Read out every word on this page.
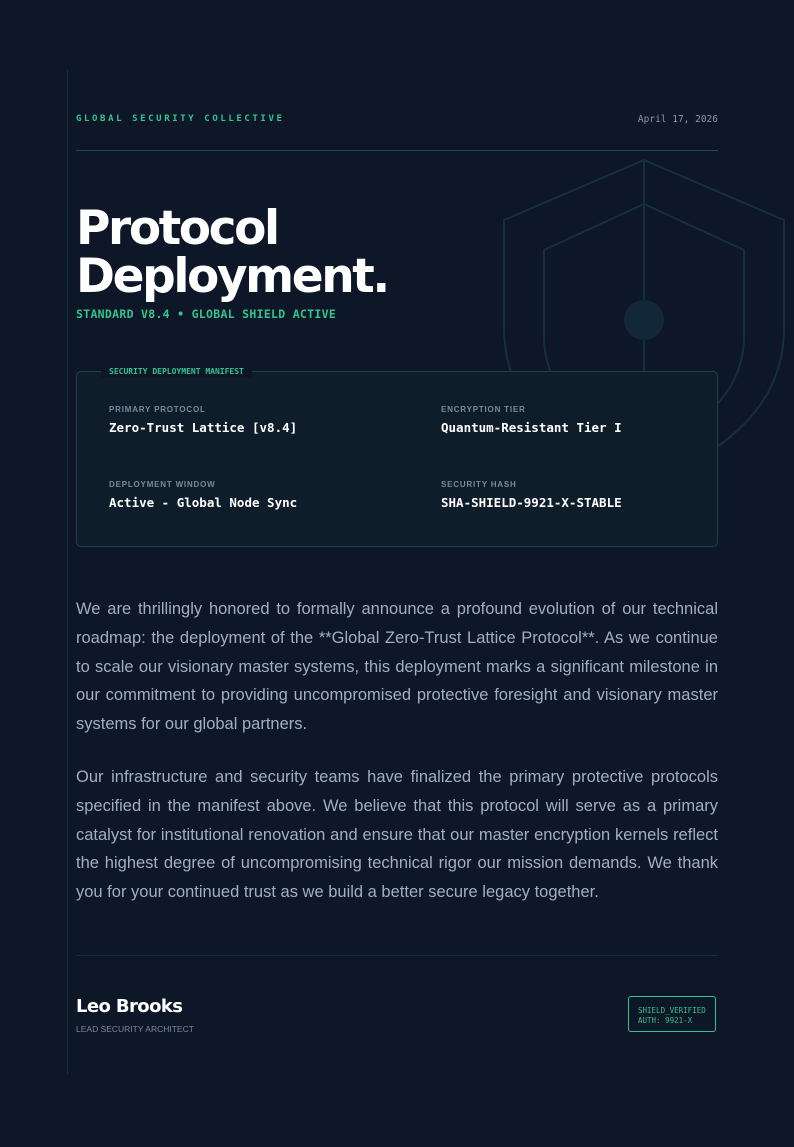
GLOBAL SECURITY COLLECTIVE	April 17, 2026
Protocol
Deployment.
STANDARD V8.4 • GLOBAL SHIELD ACTIVE
SECURITY DEPLOYMENT MANIFEST
PRIMARY PROTOCOL
Zero-Trust Lattice [v8.4]
ENCRYPTION TIER
Quantum-Resistant Tier I
DEPLOYMENT WINDOW
Active - Global Node Sync
SECURITY HASH
SHA-SHIELD-9921-X-STABLE

We are thrillingly honored to formally announce a profound evolution of our technical roadmap: the deployment of the **Global Zero-Trust Lattice Protocol**. As we continue to scale our visionary master systems, this deployment marks a significant milestone in our commitment to providing uncompromised protective foresight and visionary master systems for our global partners.

Our infrastructure and security teams have finalized the primary protective protocols specified in the manifest above. We believe that this protocol will serve as a primary catalyst for institutional renovation and ensure that our master encryption kernels reflect the highest degree of uncompromising technical rigor our mission demands. We thank you for your continued trust as we build a better secure legacy together.

Leo Brooks
LEAD SECURITY ARCHITECT
SHIELD_VERIFIED
AUTH: 9921-X
